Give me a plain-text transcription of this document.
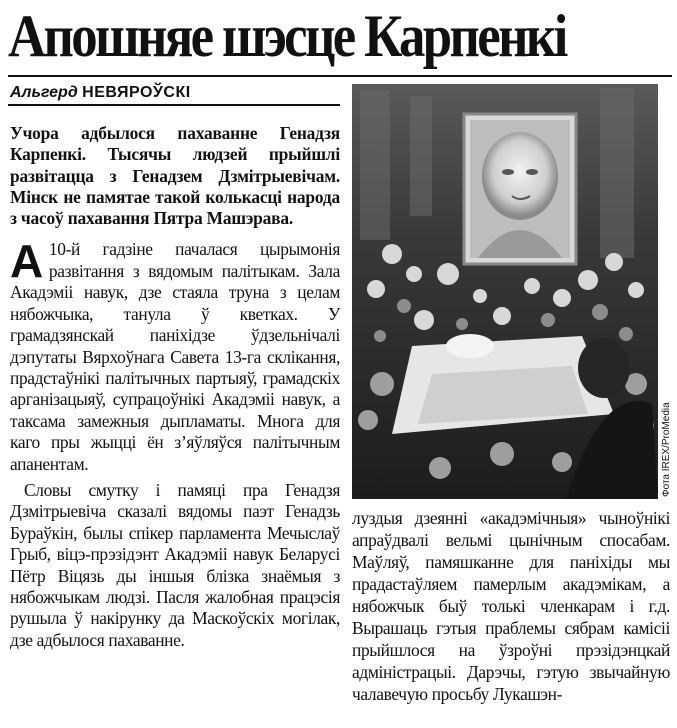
Апошняе шэсце Карпенкі
Альгерд НЕВЯРОЎСКІ

Учора адбылося пахаванне Генадзя Карпенкі. Тысячы людзей прыйшлі развітацца з Генадзем Дзмітрыевічам. Мінск не памятае такой колькасці народа з часоў пахавання Пятра Машэрава.

А 10-й гадзіне пачалася цырымонія развітання з вядомым палітыкам. Зала Акадэміі навук, дзе стаяла труна з целам нябожчыка, танула ў кветках. У грамадзянскай паніхідзе ўдзельнічалі дэпутаты Вярхоўнага Савета 13-га склікання, прадстаўнікі палітычных партыяў, грамадскіх арганізацыяў, супрацоўнікі Акадэміі навук, а таксама замежныя дыпламаты. Многа для каго пры жыцці ён з’яўляўся палітычным апанентам.

Словы смутку і памяці пра Генадзя Дзмітрыевіча сказалі вядомы паэт Генадзь Бураўкін, былы спікер парламента Мечыслаў Грыб, віцэ-прэзідэнт Акадэміі навук Беларусі Пётр Віцязь ды іншыя блізка знаёмыя з нябожчыкам людзі. Пасля жалобная працэсія рушыла ў накірунку да Маскоўскіх могілак, дзе адбылося пахаванне.

Фота IREX/ProMedia

луздыя дзеянні «акадэмічныя» чыноўнікі апраўдвалі вельмі цынічным спосабам. Маўляў, памяшканне для паніхіды мы прадастаўляем памерлым акадэмікам, а нябожчык быў толькі членкарам і г.д. Вырашаць гэтыя праблемы сябрам камісіі прыйшлося на ўзроўні прэзідэнцкай адміністрацыі. Дарэчы, гэтую звычайную чалавечую просьбу Лукашэн-
